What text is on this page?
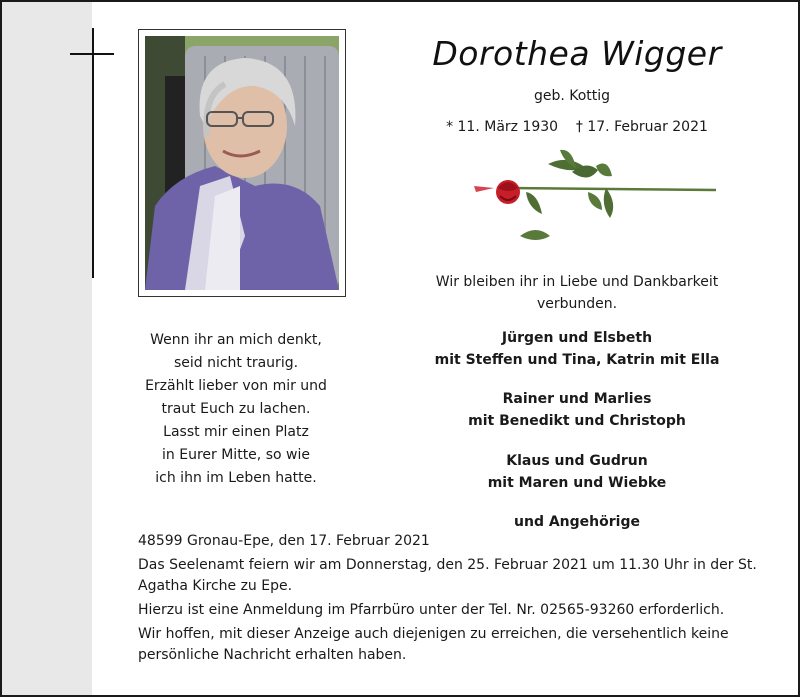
Dorothea Wigger
geb. Kottig
* 11. März 1930 † 17. Februar 2021
Wir bleiben ihr in Liebe und Dankbarkeit verbunden.
Wenn ihr an mich denkt,
seid nicht traurig.
Erzählt lieber von mir und
traut Euch zu lachen.
Lasst mir einen Platz
in Eurer Mitte, so wie
ich ihn im Leben hatte.
Jürgen und Elsbeth
mit Steffen und Tina, Katrin mit Ella
Rainer und Marlies
mit Benedikt und Christoph
Klaus und Gudrun
mit Maren und Wiebke
und Angehörige

48599 Gronau-Epe, den 17. Februar 2021

Das Seelenamt feiern wir am Donnerstag, den 25. Februar 2021 um 11.30 Uhr in der St. Agatha Kirche zu Epe.

Hierzu ist eine Anmeldung im Pfarrbüro unter der Tel. Nr. 02565-93260 erforderlich.

Wir hoffen, mit dieser Anzeige auch diejenigen zu erreichen, die versehentlich keine persönliche Nachricht erhalten haben.
